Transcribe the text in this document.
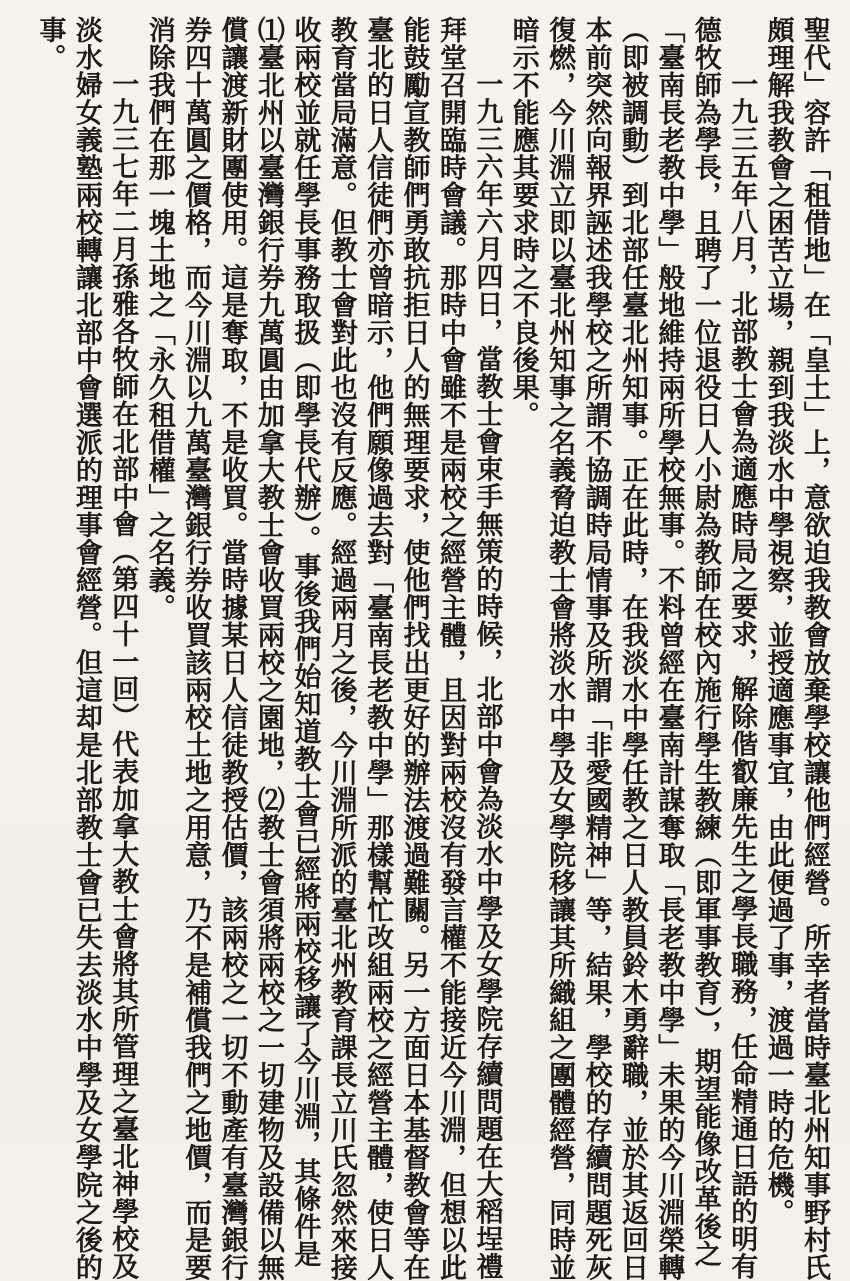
聖代」容許「租借地」在「皇土」上，意欲迫我教會放棄學校讓他們經營。所幸者當時臺北州知事野村氏

頗理解我教會之困苦立場，親到我淡水中學視察，並授適應事宜，由此便過了事，渡過一時的危機。

一九三五年八月，北部教士會為適應時局之要求，解除偕叡廉先生之學長職務，任命精通日語的明有

德牧師為學長，且聘了一位退役日人小尉為教師在校內施行學生教練（即軍事教育），期望能像改革後之

「臺南長老教中學」般地維持兩所學校無事。不料曾經在臺南計謀奪取「長老教中學」未果的今川淵榮轉

（即被調動）到北部任臺北州知事。正在此時，在我淡水中學任教之日人教員鈴木勇辭職，並於其返回日

本前突然向報界誣述我學校之所謂不協調時局情事及所謂「非愛國精神」等，結果，學校的存續問題死灰

復燃，今川淵立即以臺北州知事之名義脅迫教士會將淡水中學及女學院移讓其所織組之團體經營，同時並

暗示不能應其要求時之不良後果。

一九三六年六月四日，當教士會束手無策的時候，北部中會為淡水中學及女學院存續問題在大稻埕禮

拜堂召開臨時會議。那時中會雖不是兩校之經營主體，且因對兩校沒有發言權不能接近今川淵，但想以此

能鼓勵宣教師們勇敢抗拒日人的無理要求，使他們找出更好的辦法渡過難關。另一方面日本基督教會等在

臺北的日人信徒們亦曾暗示，他們願像過去對「臺南長老教中學」那樣幫忙改組兩校之經營主體，使日人

教育當局滿意。但教士會對此也沒有反應。經過兩月之後，今川淵所派的臺北州教育課長立川氏忽然來接

收兩校並就任學長事務取扱（即學長代辦）。事後我們始知道教士會已經將兩校移讓了今川淵，其條件是

⑴臺北州以臺灣銀行券九萬圓由加拿大教士會收買兩校之園地，⑵教士會須將兩校之一切建物及設備以無

償讓渡新財團使用。這是奪取，不是收買。當時據某日人信徒教授估價，該兩校之一切不動產有臺灣銀行

券四十萬圓之價格，而今川淵以九萬臺灣銀行券收買該兩校土地之用意，乃不是補償我們之地價，而是要

消除我們在那一塊土地之「永久租借權」之名義。

一九三七年二月孫雅各牧師在北部中會（第四十一回）代表加拿大教士會將其所管理之臺北神學校及

淡水婦女義塾兩校轉讓北部中會選派的理事會經營。但這却是北部教士會已失去淡水中學及女學院之後的

事。
